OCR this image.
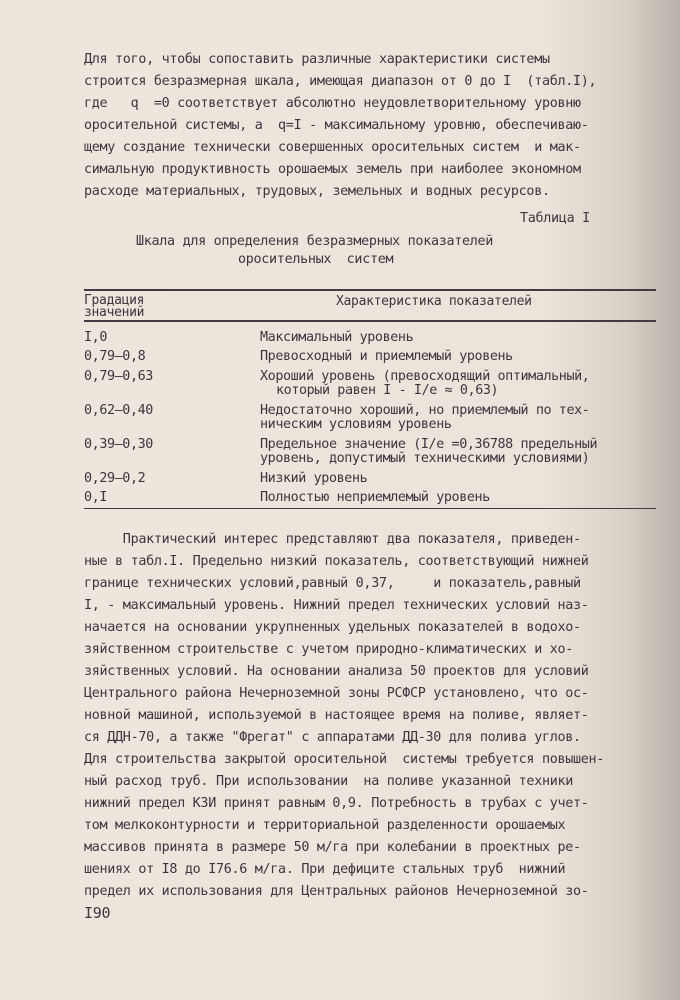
Для того, чтобы сопоставить различные характеристики системы
строится безразмерная шкала, имеющая диапазон от 0 до I  (табл.I),
где   q  =0 соответствует абсолютно неудовлетворительному уровню
оросительной системы, а  q=I - максимальному уровню, обеспечиваю-
щему создание технически совершенных оросительных систем  и мак-
симальную продуктивность орошаемых земель при наиболее экономном
расходе материальных, трудовых, земельных и водных ресурсов.
Таблица I
Шкала для определения безразмерных показателей
оросительных  систем
Градация
значений
Характеристика показателей
I,0	Максимальный уровень
0,79–0,8	Превосходный и приемлемый уровень
0,79–0,63	Хороший уровень (превосходящий оптимальный,
который равен I - I/e ≈ 0,63)
0,62–0,40	Недостаточно хороший, но приемлемый по тех-
ническим условиям уровень
0,39–0,30	Предельное значение (I/e =0,36788 предельный
уровень, допустимый техническими условиями)
0,29–0,2	Низкий уровень
0,I	Полностью неприемлемый уровень
Практический интерес представляют два показателя, приведен-
ные в табл.I. Предельно низкий показатель, соответствующий нижней
границе технических условий,равный 0,37,     и показатель,равный
I, - максимальный уровень. Нижний предел технических условий наз-
начается на основании укрупненных удельных показателей в водохо-
зяйственном строительстве с учетом природно-климатических и хо-
зяйственных условий. На основании анализа 50 проектов для условий
Центрального района Нечерноземной зоны РСФСР установлено, что ос-
новной машиной, используемой в настоящее время на поливе, являет-
ся ДДН-70, а также "Фрегат" с аппаратами ДД-30 для полива углов.
Для строительства закрытой оросительной  системы требуется повышен-
ный расход труб. При использовании  на поливе указанной техники
нижний предел КЗИ принят равным 0,9. Потребность в трубах с учет-
том мелкоконтурности и территориальной разделенности орошаемых
массивов принята в размере 50 м/га при колебании в проектных ре-
шениях от I8 до I76.6 м/га. При дефиците стальных труб  нижний
предел их использования для Центральных районов Нечерноземной зо-
I90
